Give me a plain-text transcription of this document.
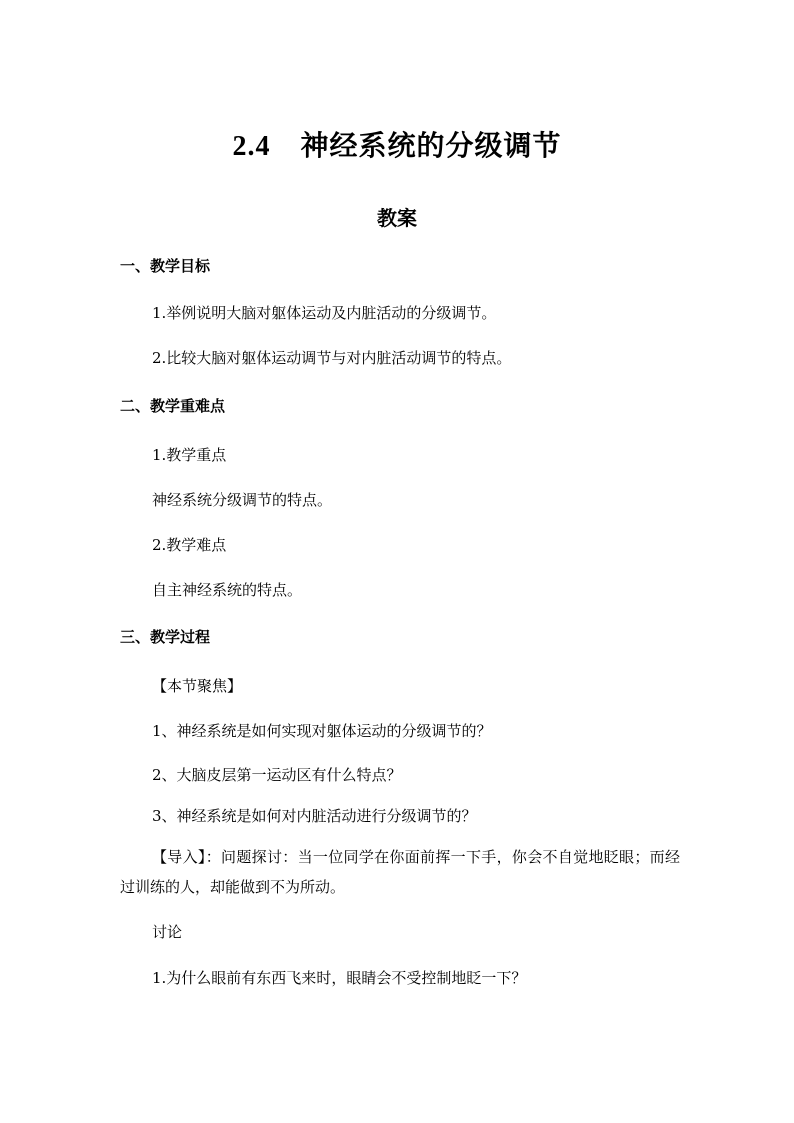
2.4 神经系统的分级调节
教案
一、教学目标
1.举例说明大脑对躯体运动及内脏活动的分级调节。
2.比较大脑对躯体运动调节与对内脏活动调节的特点。
二、教学重难点
1.教学重点
神经系统分级调节的特点。
2.教学难点
自主神经系统的特点。
三、教学过程
【本节聚焦】
1、神经系统是如何实现对躯体运动的分级调节的？
2、大脑皮层第一运动区有什么特点？
3、神经系统是如何对内脏活动进行分级调节的？
【导入】：问题探讨：当一位同学在你面前挥一下手，你会不自觉地眨眼；而经过训练的人，却能做到不为所动。
讨论
1.为什么眼前有东西飞来时，眼睛会不受控制地眨一下？
